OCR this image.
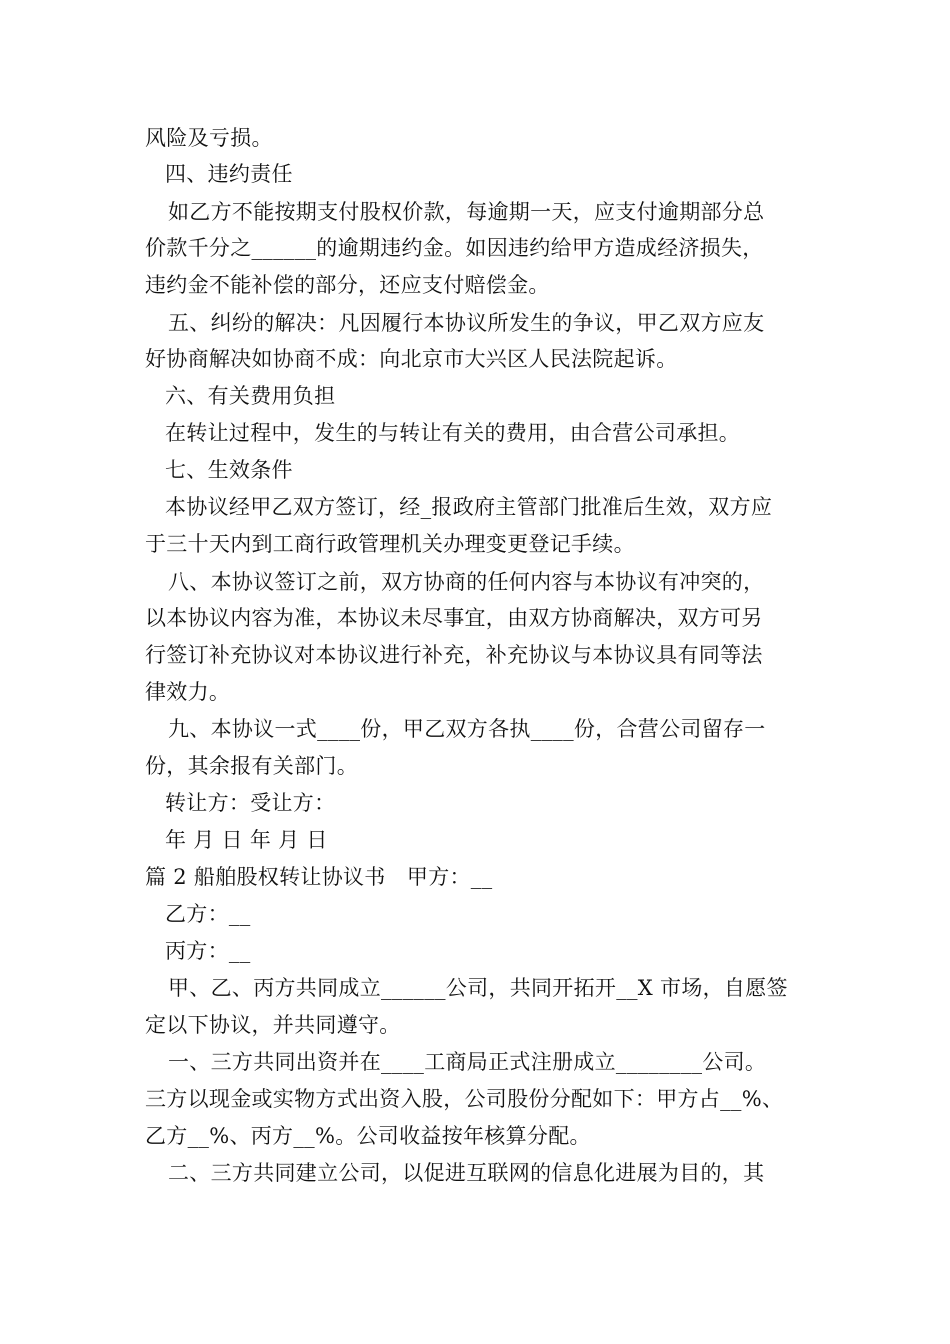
风险及亏损。
四、违约责任
如乙方不能按期支付股权价款，每逾期一天，应支付逾期部分总
价款千分之______的逾期违约金。如因违约给甲方造成经济损失，
违约金不能补偿的部分，还应支付赔偿金。
五、纠纷的解决：凡因履行本协议所发生的争议，甲乙双方应友
好协商解决如协商不成：向北京市大兴区人民法院起诉。
六、有关费用负担
在转让过程中，发生的与转让有关的费用，由合营公司承担。
七、生效条件
本协议经甲乙双方签订，经_报政府主管部门批准后生效，双方应
于三十天内到工商行政管理机关办理变更登记手续。
八、本协议签订之前，双方协商的任何内容与本协议有冲突的，
以本协议内容为准，本协议未尽事宜，由双方协商解决，双方可另
行签订补充协议对本协议进行补充，补充协议与本协议具有同等法
律效力。
九、本协议一式____份，甲乙双方各执____份，合营公司留存一
份，其余报有关部门。
转让方：受让方：
年 月 日 年 月 日
篇 2 船舶股权转让协议书　甲方：__
乙方：__
丙方：__
甲、乙、丙方共同成立______公司，共同开拓开__X 市场，自愿签
定以下协议，并共同遵守。
一、三方共同出资并在____工商局正式注册成立________公司。
三方以现金或实物方式出资入股，公司股份分配如下：甲方占__%、
乙方__%、丙方__%。公司收益按年核算分配。
二、三方共同建立公司，以促进互联网的信息化进展为目的，其
